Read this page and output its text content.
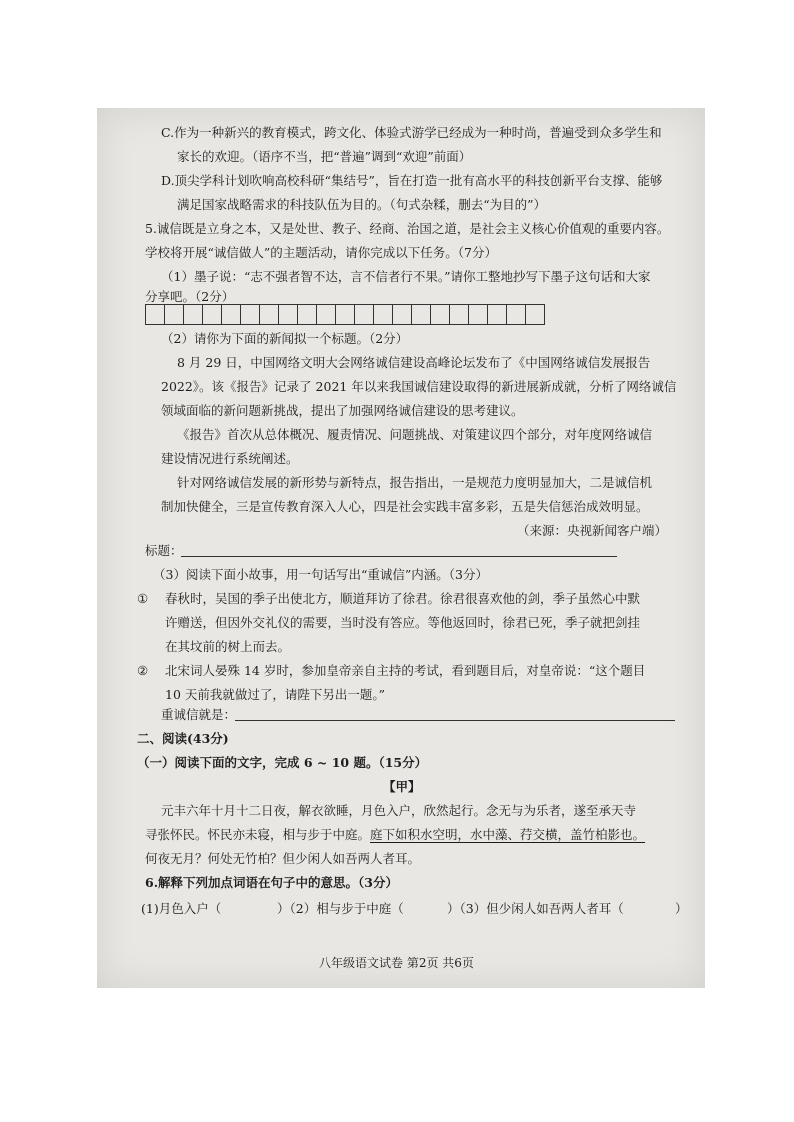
C.作为一种新兴的教育模式，跨文化、体验式游学已经成为一种时尚，普遍受到众多学生和
家长的欢迎。（语序不当，把“普遍”调到“欢迎”前面）
D.顶尖学科计划吹响高校科研“集结号”，旨在打造一批有高水平的科技创新平台支撑、能够
满足国家战略需求的科技队伍为目的。（句式杂糅，删去“为目的”）
5.诚信既是立身之本，又是处世、教子、经商、治国之道，是社会主义核心价值观的重要内容。
学校将开展“诚信做人”的主题活动，请你完成以下任务。（7分）
（1）墨子说：“志不强者智不达，言不信者行不果。”请你工整地抄写下墨子这句话和大家
分享吧。（2分）
（2）请你为下面的新闻拟一个标题。（2分）
8 月 29 日，中国网络文明大会网络诚信建设高峰论坛发布了《中国网络诚信发展报告
2022》。该《报告》记录了 2021 年以来我国诚信建设取得的新进展新成就，分析了网络诚信
领域面临的新问题新挑战，提出了加强网络诚信建设的思考建议。
《报告》首次从总体概况、履责情况、问题挑战、对策建议四个部分，对年度网络诚信
建设情况进行系统阐述。
针对网络诚信发展的新形势与新特点，报告指出，一是规范力度明显加大，二是诚信机
制加快健全，三是宣传教育深入人心，四是社会实践丰富多彩，五是失信惩治成效明显。
（来源：央视新闻客户端）
标题：
（3）阅读下面小故事，用一句话写出“重诚信”内涵。（3分）
① 春秋时，吴国的季子出使北方，顺道拜访了徐君。徐君很喜欢他的剑，季子虽然心中默
许赠送，但因外交礼仪的需要，当时没有答应。等他返回时，徐君已死，季子就把剑挂
在其坟前的树上而去。
② 北宋词人晏殊 14 岁时，参加皇帝亲自主持的考试，看到题目后，对皇帝说：“这个题目
10 天前我就做过了，请陛下另出一题。”
重诚信就是：
二、阅读(43分)
（一）阅读下面的文字，完成 6 ~ 10 题。（15分）
【甲】
元丰六年十月十二日夜，解衣欲睡，月色入户，欣然起行。念无与为乐者，遂至承天寺
寻张怀民。怀民亦未寝，相与步于中庭。庭下如积水空明，水中藻、荇交横，盖竹柏影也。
何夜无月？何处无竹柏？但少闲人如吾两人者耳。
6.解释下列加点词语在句子中的意思。（3分）
(1)月色入户（	）（2）相与步于中庭（	）（3）但少闲人如吾两人者耳（	）
八年级语文试卷 第2页 共6页
